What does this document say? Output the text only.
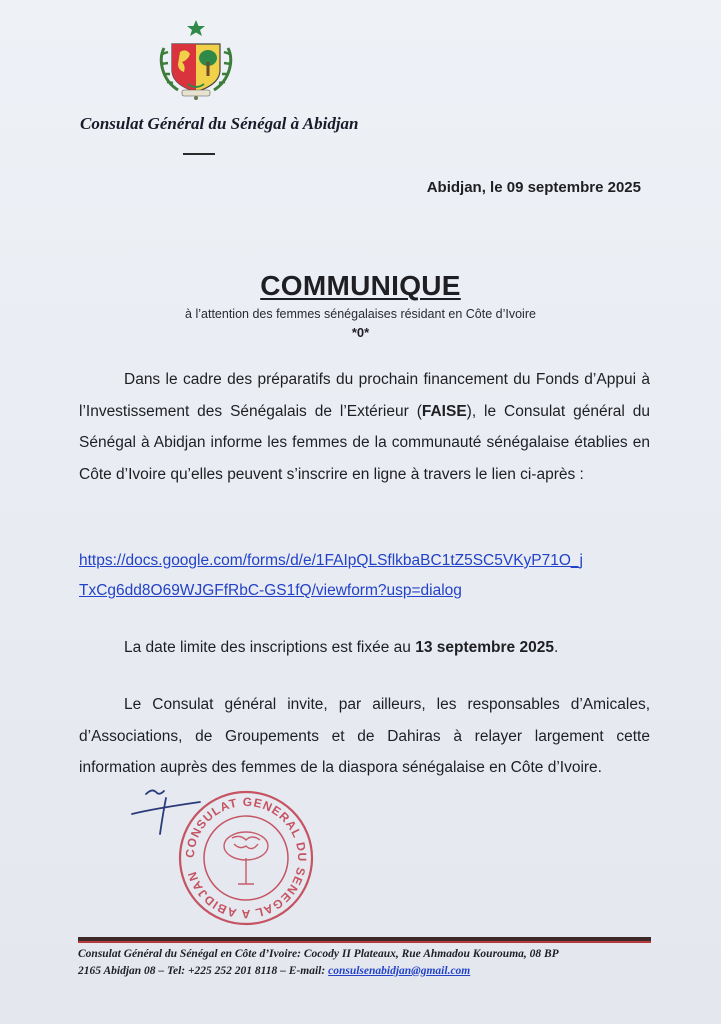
Consulat Général du Sénégal à Abidjan
Abidjan, le 09 septembre 2025
COMMUNIQUE
à l’attention des femmes sénégalaises résidant en Côte d’Ivoire
*0*
Dans le cadre des préparatifs du prochain financement du Fonds d’Appui à l’Investissement des Sénégalais de l’Extérieur (FAISE), le Consulat général du Sénégal à Abidjan informe les femmes de la communauté sénégalaise établies en Côte d’Ivoire qu’elles peuvent s’inscrire en ligne à travers le lien ci-après :
https://docs.google.com/forms/d/e/1FAIpQLSflkbaBC1tZ5SC5VKyP71O_j
TxCg6dd8O69WJGFfRbC-GS1fQ/viewform?usp=dialog
La date limite des inscriptions est fixée au 13 septembre 2025.
Le Consulat général invite, par ailleurs, les responsables d’Amicales, d’Associations, de Groupements et de Dahiras à relayer largement cette information auprès des femmes de la diaspora sénégalaise en Côte d’Ivoire.
CONSULAT GENERAL DU SENEGAL A ABIDJAN
Consulat Général du Sénégal en Côte d’Ivoire: Cocody II Plateaux, Rue Ahmadou Kourouma, 08 BP
2165 Abidjan 08 – Tel: +225 252 201 8118 – E-mail: consulsenabidjan@gmail.com
